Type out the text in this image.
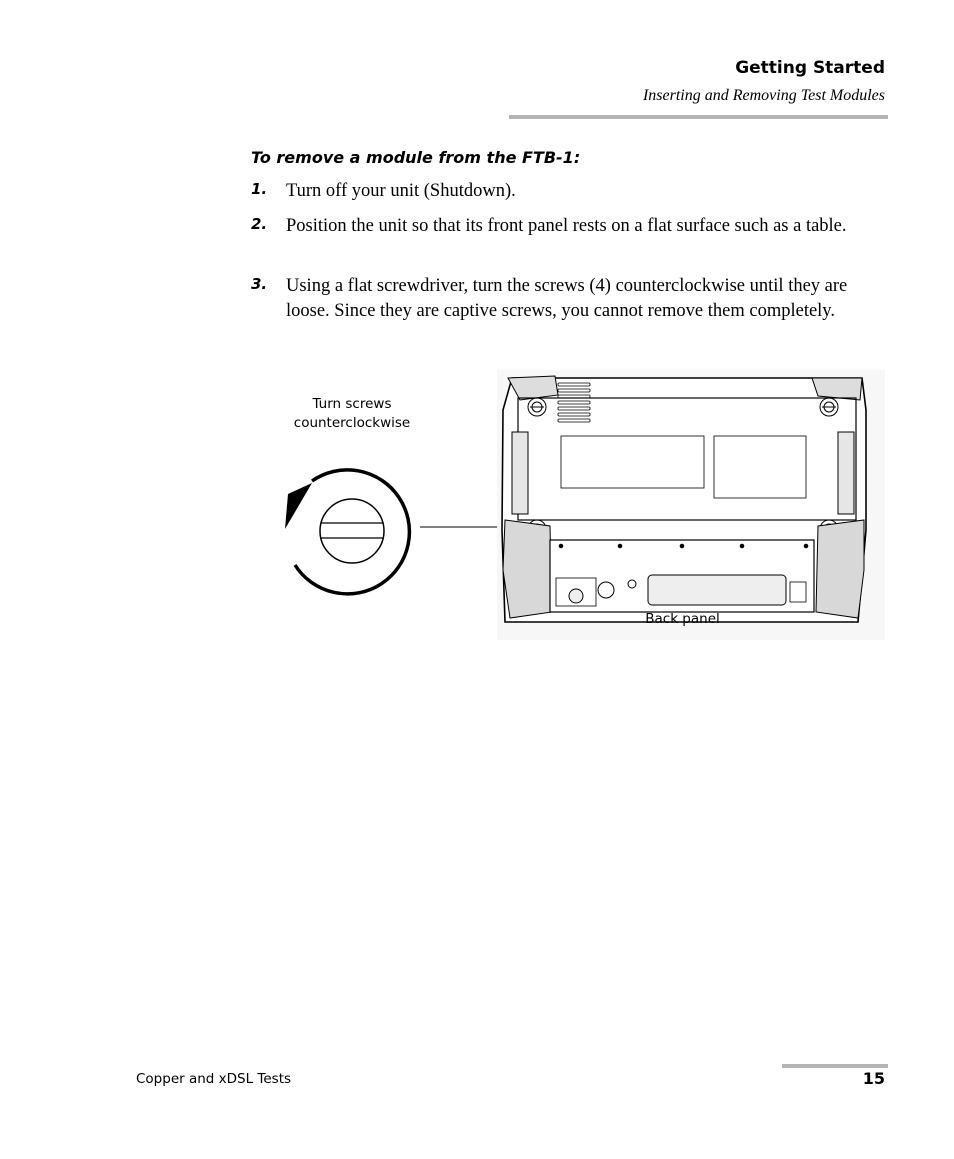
Getting Started
Inserting and Removing Test Modules
To remove a module from the FTB-1:
1. Turn off your unit (Shutdown).
2. Position the unit so that its front panel rests on a flat surface such as a table.
3. Using a flat screwdriver, turn the screws (4) counterclockwise until they are loose. Since they are captive screws, you cannot remove them completely.
Turn screws
counterclockwise
Back panel
Copper and xDSL Tests	15
